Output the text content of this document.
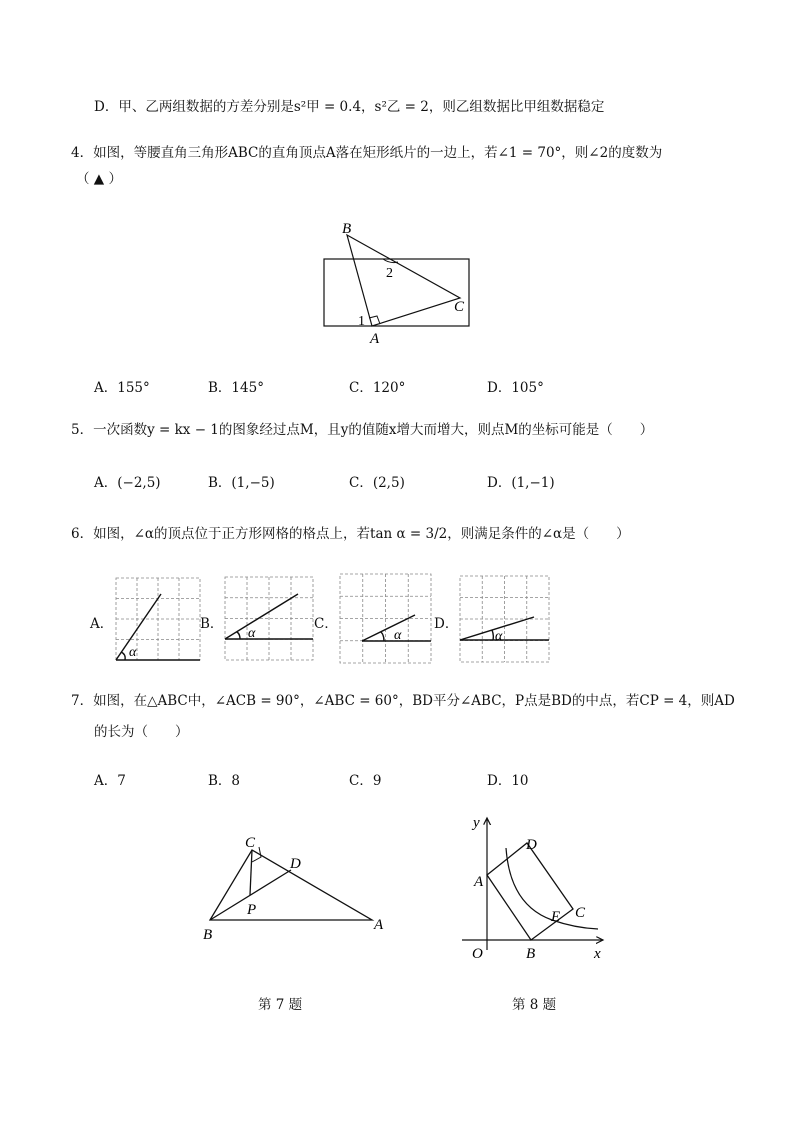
D．甲、乙两组数据的方差分别是s²甲 = 0.4，s²乙 = 2，则乙组数据比甲组数据稳定
4．如图，等腰直角三角形ABC的直角顶点A落在矩形纸片的一边上，若∠1 = 70°，则∠2的度数为
（ ▲ ）
B
C
A
1
2
A．155°	B．145°	C．120°	D．105°
5．一次函数y = kx − 1的图象经过点M，且y的值随x增大而增大，则点M的坐标可能是（　　）
A．(−2,5)	B．(1,−5)	C．(2,5)	D．(1,−1)
6．如图，∠α的顶点位于正方形网格的格点上，若tan α = 3/2，则满足条件的∠α是（　　）
A．	B．	C．	D．
α
α	α	α
7．如图，在△ABC中，∠ACB = 90°，∠ABC = 60°，BD平分∠ABC，P点是BD的中点，若CP = 4，则AD
的长为（　　）
A．7	B．8	C．9	D．10
C
D
P
B
A
第 7 题
y
x
O
A
B
D
C
E
第 8 题
